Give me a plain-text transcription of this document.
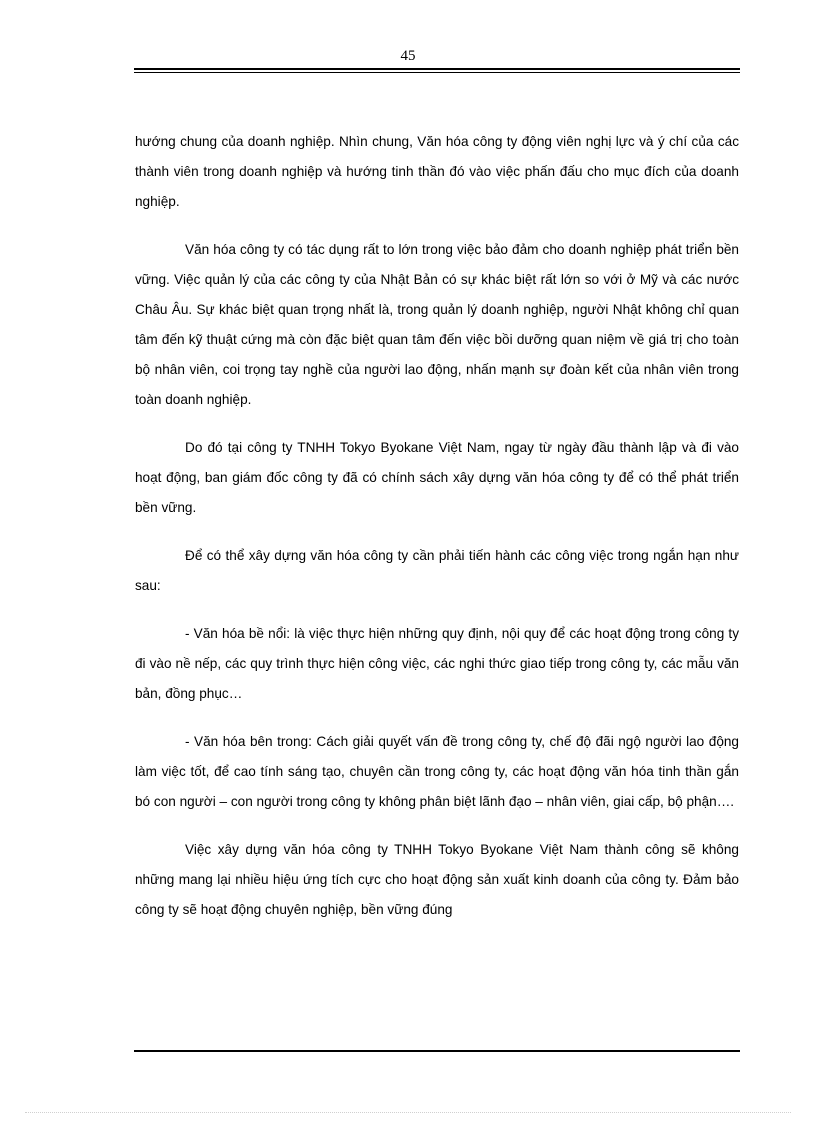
45

hướng chung của doanh nghiệp. Nhìn chung, Văn hóa công ty động viên nghị lực và ý chí của các thành viên trong doanh nghiệp và hướng tinh thần đó vào việc phấn đấu cho mục đích của doanh nghiệp.

Văn hóa công ty có tác dụng rất to lớn trong việc bảo đảm cho doanh nghiệp phát triển bền vững. Việc quản lý của các công ty của Nhật Bản có sự khác biệt rất lớn so với ở Mỹ và các nước Châu Âu. Sự khác biệt quan trọng nhất là, trong quản lý doanh nghiệp, người Nhật không chỉ quan tâm đến kỹ thuật cứng mà còn đặc biệt quan tâm đến việc bồi dưỡng quan niệm về giá trị cho toàn bộ nhân viên, coi trọng tay nghề của người lao động, nhấn mạnh sự đoàn kết của nhân viên trong toàn doanh nghiệp.

Do đó tại công ty TNHH Tokyo Byokane Việt Nam, ngay từ ngày đầu thành lập và đi vào hoạt động, ban giám đốc công ty đã có chính sách xây dựng văn hóa công ty để có thể phát triển bền vững.

Để có thể xây dựng văn hóa công ty cần phải tiến hành các công việc trong ngắn hạn như sau:

- Văn hóa bề nổi: là việc thực hiện những quy định, nội quy để các hoạt động trong công ty đi vào nề nếp, các quy trình thực hiện công việc, các nghi thức giao tiếp trong công ty, các mẫu văn bản, đồng phục…

- Văn hóa bên trong: Cách giải quyết vấn đề trong công ty, chế độ đãi ngộ người lao động làm việc tốt, để cao tính sáng tạo, chuyên cần trong công ty, các hoạt động văn hóa tinh thần gắn bó con người – con người trong công ty không phân biệt lãnh đạo – nhân viên, giai cấp, bộ phận….

Việc xây dựng văn hóa công ty TNHH Tokyo Byokane Việt Nam thành công sẽ không những mang lại nhiều hiệu ứng tích cực cho hoạt động sản xuất kinh doanh của công ty. Đảm bảo công ty sẽ hoạt động chuyên nghiệp, bền vững đúng
